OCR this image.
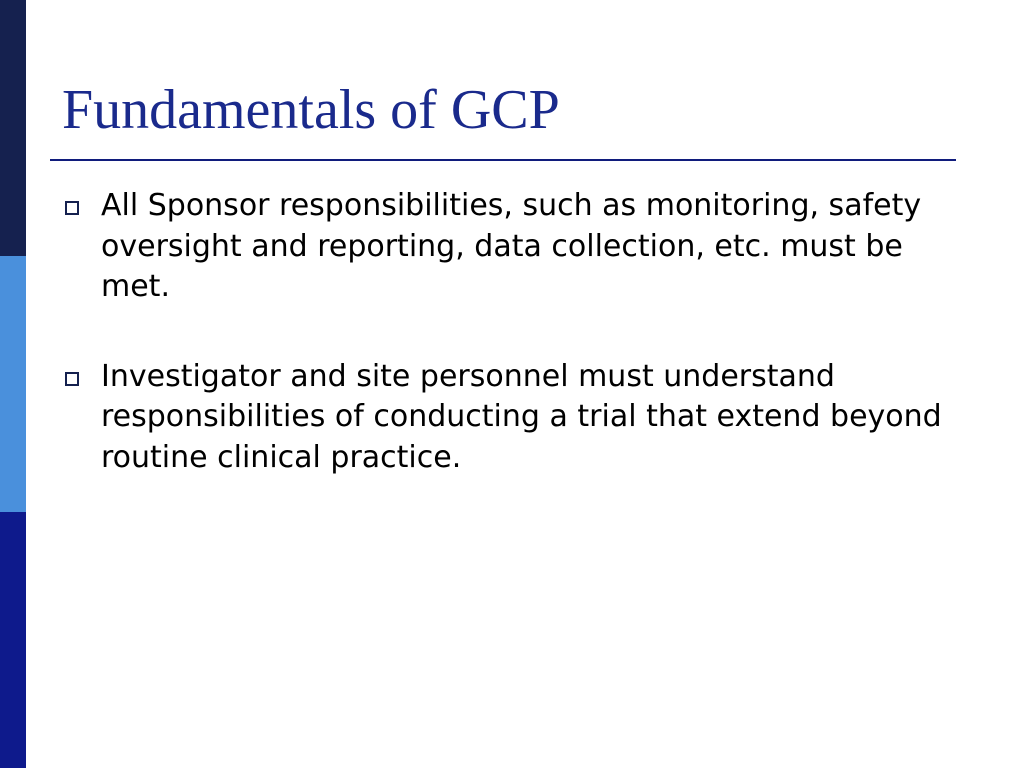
Fundamentals of GCP
All Sponsor responsibilities, such as monitoring, safety oversight and reporting, data collection, etc. must be met.
Investigator and site personnel must understand responsibilities of conducting a trial that extend beyond routine clinical practice.
